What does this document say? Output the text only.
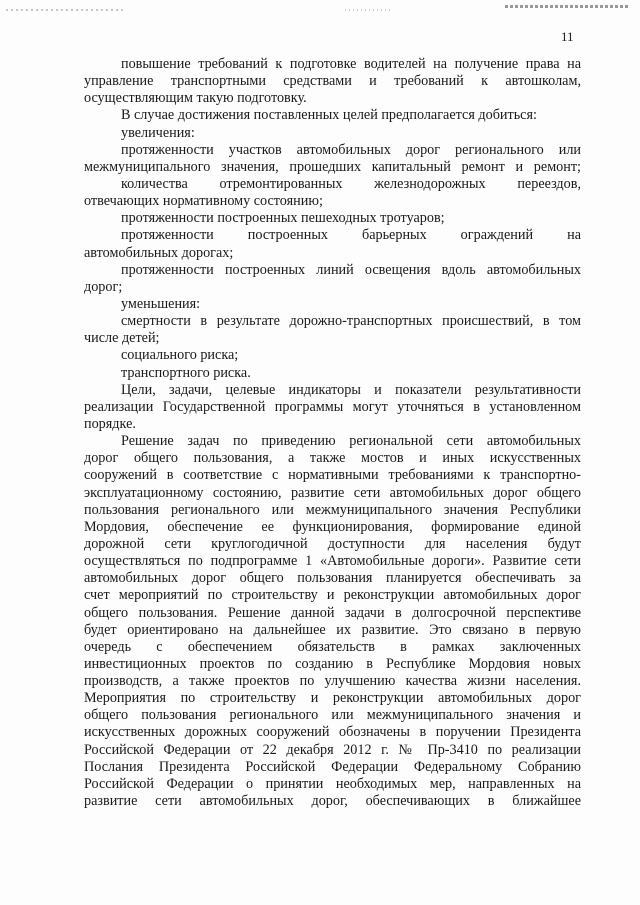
11
повышение требований к подготовке водителей на получение права на
управление транспортными средствами и требований к автошколам,
осуществляющим такую подготовку.
В случае достижения поставленных целей предполагается добиться:
увеличения:
протяженности участков автомобильных дорог регионального или
межмуниципального значения, прошедших капитальный ремонт и ремонт;
количества отремонтированных железнодорожных переездов,
отвечающих нормативному состоянию;
протяженности построенных пешеходных тротуаров;
протяженности построенных барьерных ограждений на
автомобильных дорогах;
протяженности построенных линий освещения вдоль автомобильных
дорог;
уменьшения:
смертности в результате дорожно-транспортных происшествий, в том
числе детей;
социального риска;
транспортного риска.
Цели, задачи, целевые индикаторы и показатели результативности
реализации Государственной программы могут уточняться в установленном
порядке.
Решение задач по приведению региональной сети автомобильных
дорог общего пользования, а также мостов и иных искусственных
сооружений в соответствие с нормативными требованиями к транспортно-
эксплуатационному состоянию, развитие сети автомобильных дорог общего
пользования регионального или межмуниципального значения Республики
Мордовия, обеспечение ее функционирования, формирование единой
дорожной сети круглогодичной доступности для населения будут
осуществляться по подпрограмме 1 «Автомобильные дороги». Развитие сети
автомобильных дорог общего пользования планируется обеспечивать за
счет мероприятий по строительству и реконструкции автомобильных дорог
общего пользования. Решение данной задачи в долгосрочной перспективе
будет ориентировано на дальнейшее их развитие. Это связано в первую
очередь с обеспечением обязательств в рамках заключенных
инвестиционных проектов по созданию в Республике Мордовия новых
производств, а также проектов по улучшению качества жизни населения.
Мероприятия по строительству и реконструкции автомобильных дорог
общего пользования регионального или межмуниципального значения и
искусственных дорожных сооружений обозначены в поручении Президента
Российской Федерации от 22 декабря 2012 г. № Пр-3410 по реализации
Послания Президента Российской Федерации Федеральному Собранию
Российской Федерации о принятии необходимых мер, направленных на
развитие сети автомобильных дорог, обеспечивающих в ближайшее
